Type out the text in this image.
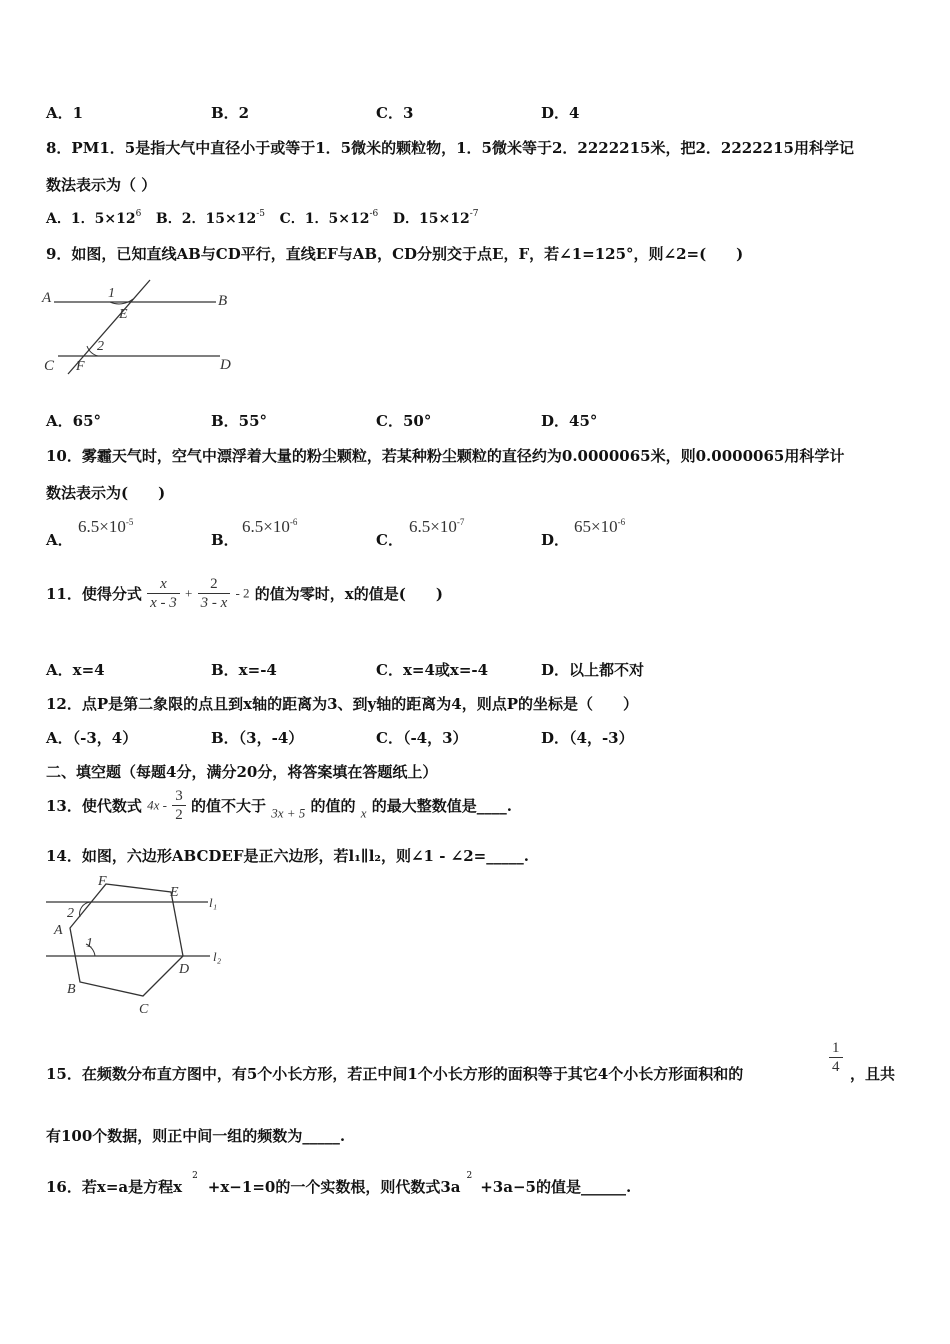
A．1	B．2	C．3	D．4
8．PM1．5是指大气中直径小于或等于1．5微米的颗粒物，1．5微米等于2．2222215米，把2．2222215用科学记
数法表示为（ ）
A．1．$5\times 12^6$ B．2．$15\times 12^{-5}$ C．1．$5\times 12^{-6}$ D．$15\times 12^{-7}$
9．如图，已知直线AB与CD平行，直线EF与AB，CD分别交于点E，F，若∠1=125°，则∠2=(　　)
A	B
C	D
E
F
1
2
A．65°	B．55°	C．50°	D．45°
10．雾霾天气时，空气中漂浮着大量的粉尘颗粒，若某种粉尘颗粒的直径约为0.0000065米，则0.0000065用科学计
数法表示为(　　)
A．
$6.5\times 10^{-5}$
B．
$6.5\times 10^{-6}$
C．
$6.5\times 10^{-7}$
D．
$65\times 10^{-6}$
11．使得分式 $\frac{x}{x - 3} + \frac{2}{3 - x} - 2$ 的值为零时，x的值是(　　)
A．x=4	B．x=-4	C．x=4或x=-4	D．以上都不对
12．点P是第二象限的点且到x轴的距离为3、到y轴的距离为4，则点P的坐标是（　　）
A．（-3，4）	B．（3，-4）	C．（-4，3）	D．（4，-3）
二、填空题（每题4分，满分20分，将答案填在答题纸上）
13．使代数式 $4x - \frac{3}{2}$ 的值不大于 3x + 5 的值的 x 的最大整数值是____.
14．如图，六边形ABCDEF是正六边形，若l₁∥l₂，则∠1 - ∠2=_____.
F
E
A
D
B
C
2
1
l₁
l₂
15．在频数分布直方图中，有5个小长方形，若正中间1个小长方形的面积等于其它4个小长方形面积和的	$\frac{1}{4}$ ，且共
有100个数据，则正中间一组的频数为_____.
16．若x=a是方程$x^2+x-1=0$的一个实数根，则代数式$3a^2+3a-5$的值是______.
